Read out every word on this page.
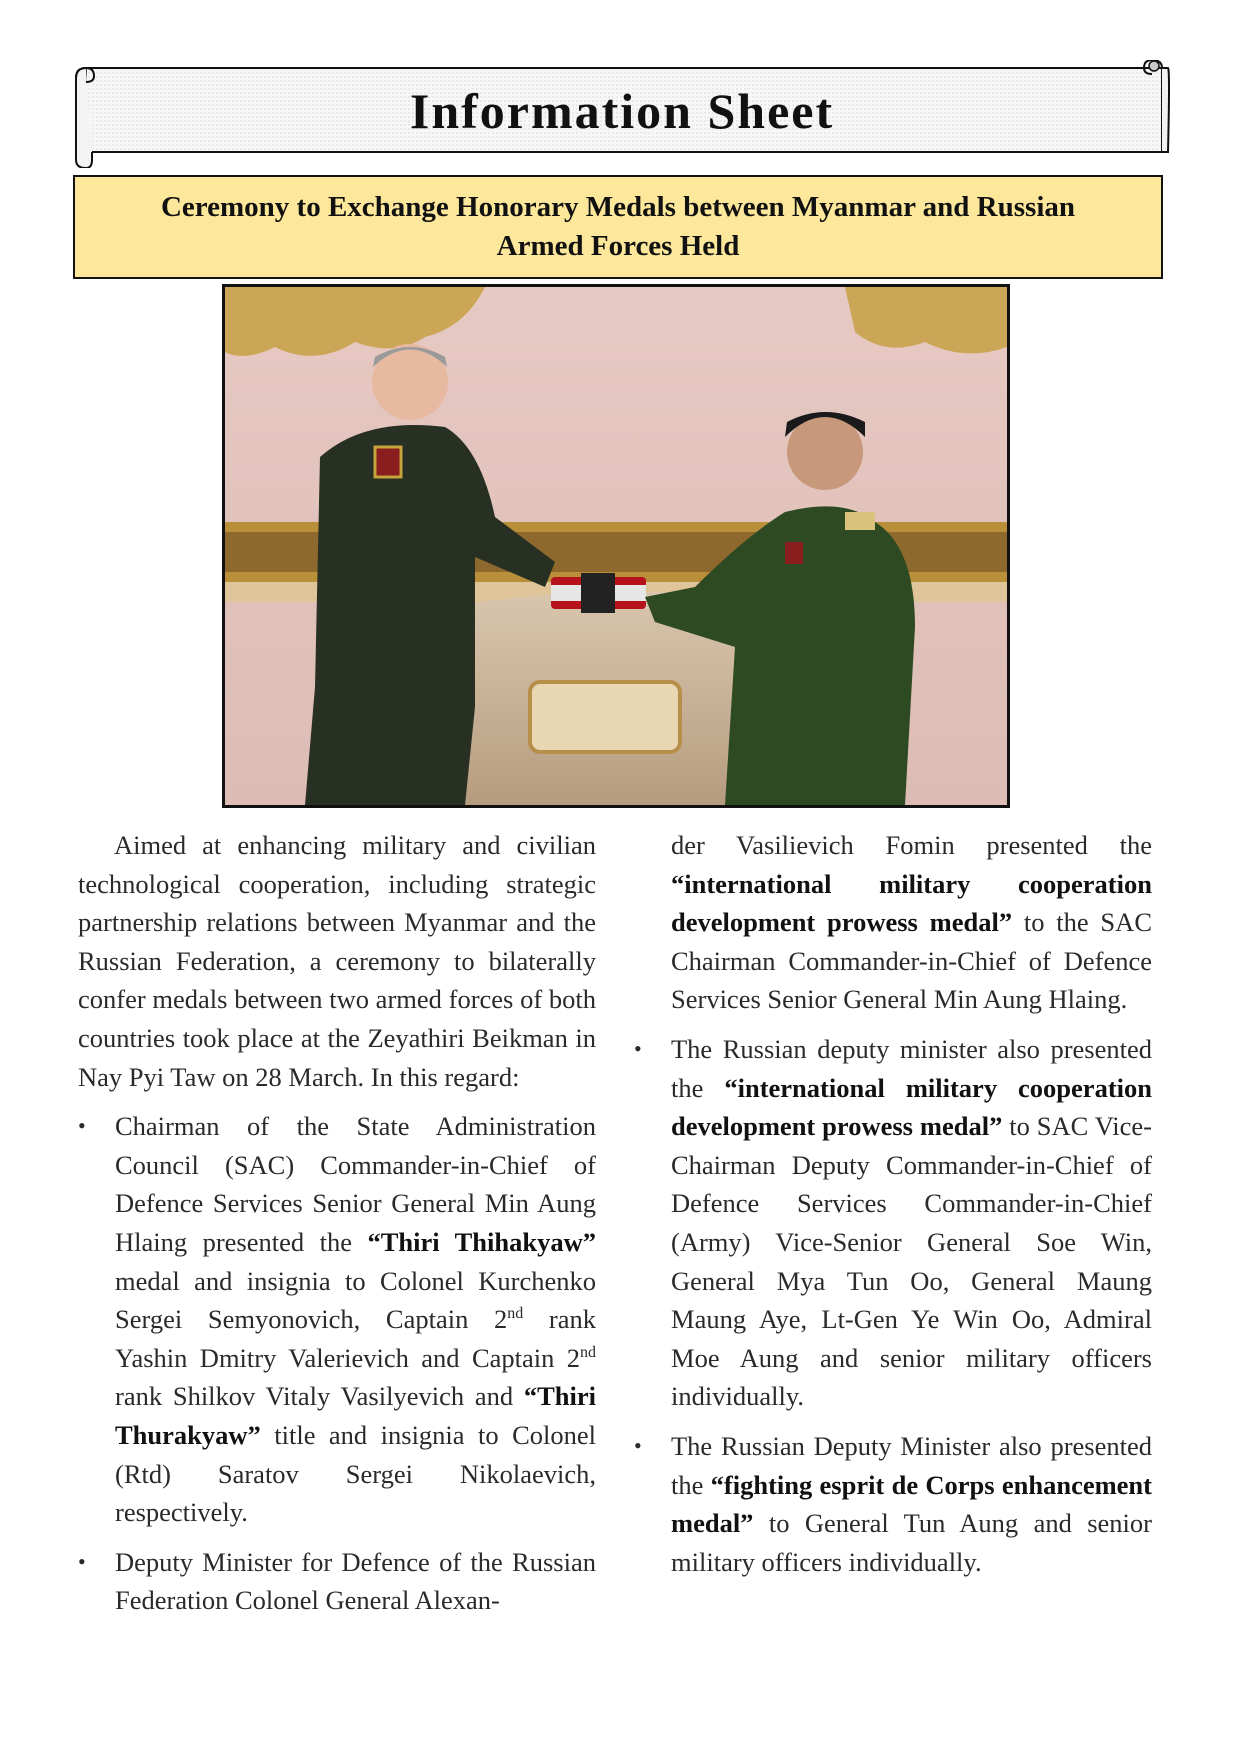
Information Sheet
Ceremony to Exchange Honorary Medals between Myanmar and Russian Armed Forces Held

Aimed at enhancing military and civilian technological cooperation, including strategic partnership relations between Myanmar and the Russian Federation, a ceremony to bilaterally confer medals between two armed forces of both countries took place at the Zeyathiri Beikman in Nay Pyi Taw on 28 March. In this regard:

• Chairman of the State Administration Council (SAC) Commander-in-Chief of Defence Services Senior General Min Aung Hlaing presented the “Thiri Thihakyaw” medal and insignia to Colonel Kurchenko Sergei Semyonovich, Captain 2nd rank Yashin Dmitry Valerievich and Captain 2nd rank Shilkov Vitaly Vasilyevich and “Thiri Thurakyaw” title and insignia to Colonel (Rtd) Saratov Sergei Nikolaevich, respectively.
• Deputy Minister for Defence of the Russian Federation Colonel General Alexan-

der Vasilievich Fomin presented the “international military cooperation development prowess medal” to the SAC Chairman Commander-in-Chief of Defence Services Senior General Min Aung Hlaing.

• The Russian deputy minister also presented the “international military cooperation development prowess medal” to SAC Vice-Chairman Deputy Commander-in-Chief of Defence Services Commander-in-Chief (Army) Vice-Senior General Soe Win, General Mya Tun Oo, General Maung Maung Aye, Lt-Gen Ye Win Oo, Admiral Moe Aung and senior military officers individually.
• The Russian Deputy Minister also presented the “fighting esprit de Corps enhancement medal” to General Tun Aung and senior military officers individually.
